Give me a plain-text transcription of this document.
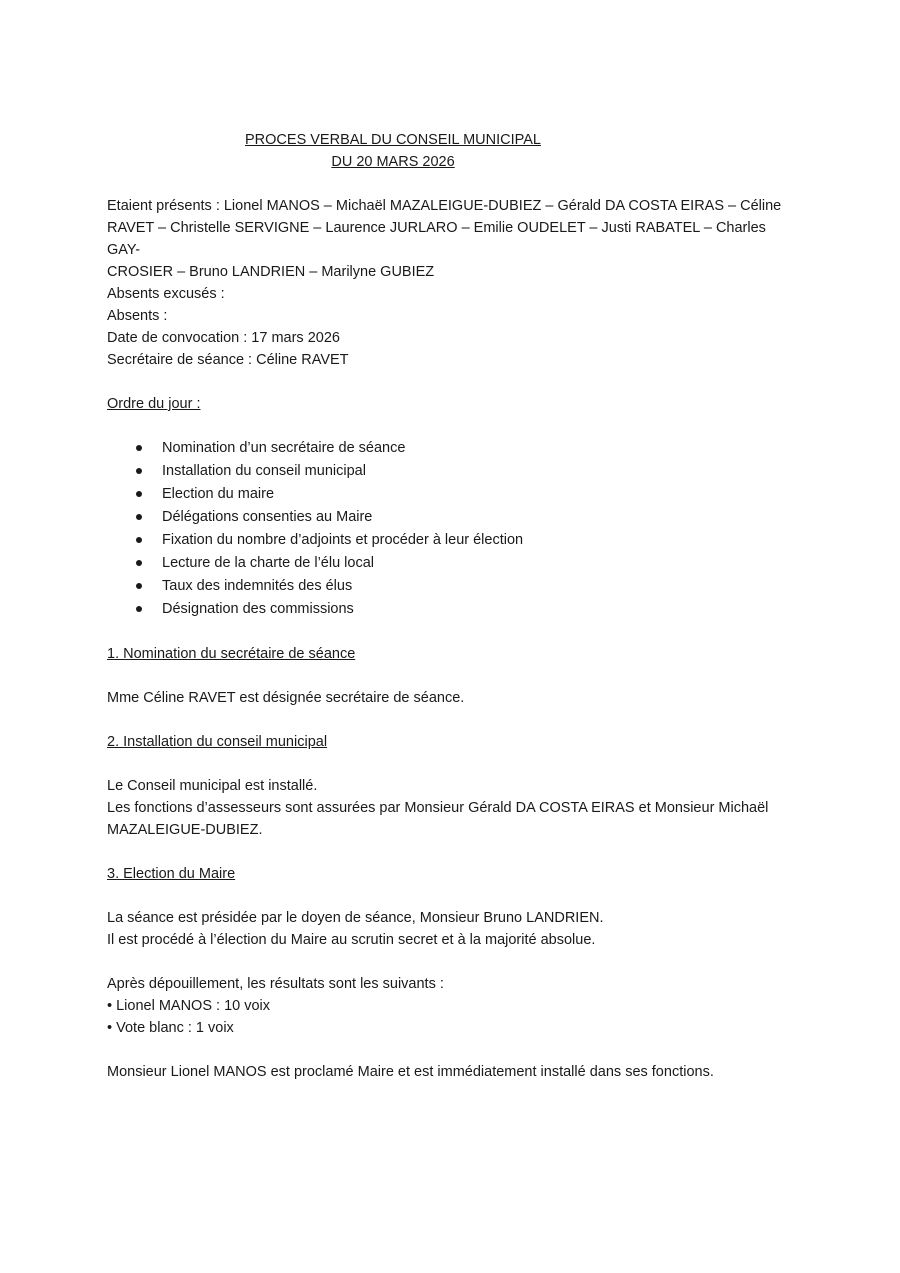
PROCES VERBAL DU CONSEIL MUNICIPAL
DU 20 MARS 2026

Etaient présents : Lionel MANOS – Michaël MAZALEIGUE-DUBIEZ – Gérald DA COSTA EIRAS – Céline

RAVET – Christelle SERVIGNE – Laurence JURLARO – Emilie OUDELET – Justi RABATEL – Charles GAY-

CROSIER – Bruno LANDRIEN – Marilyne GUBIEZ

Absents excusés :

Absents :

Date de convocation : 17 mars 2026

Secrétaire de séance : Céline RAVET

Ordre du jour :

Nomination d’un secrétaire de séance
Installation du conseil municipal
Election du maire
Délégations consenties au Maire
Fixation du nombre d’adjoints et procéder à leur élection
Lecture de la charte de l’élu local
Taux des indemnités des élus
Désignation des commissions

1. Nomination du secrétaire de séance

Mme Céline RAVET est désignée secrétaire de séance.

2. Installation du conseil municipal

Le Conseil municipal est installé.

Les fonctions d’assesseurs sont assurées par Monsieur Gérald DA COSTA EIRAS et Monsieur Michaël

MAZALEIGUE-DUBIEZ.

3. Election du Maire

La séance est présidée par le doyen de séance, Monsieur Bruno LANDRIEN.

Il est procédé à l’élection du Maire au scrutin secret et à la majorité absolue.

Après dépouillement, les résultats sont les suivants :

• Lionel MANOS : 10 voix

• Vote blanc : 1 voix

Monsieur Lionel MANOS est proclamé Maire et est immédiatement installé dans ses fonctions.
